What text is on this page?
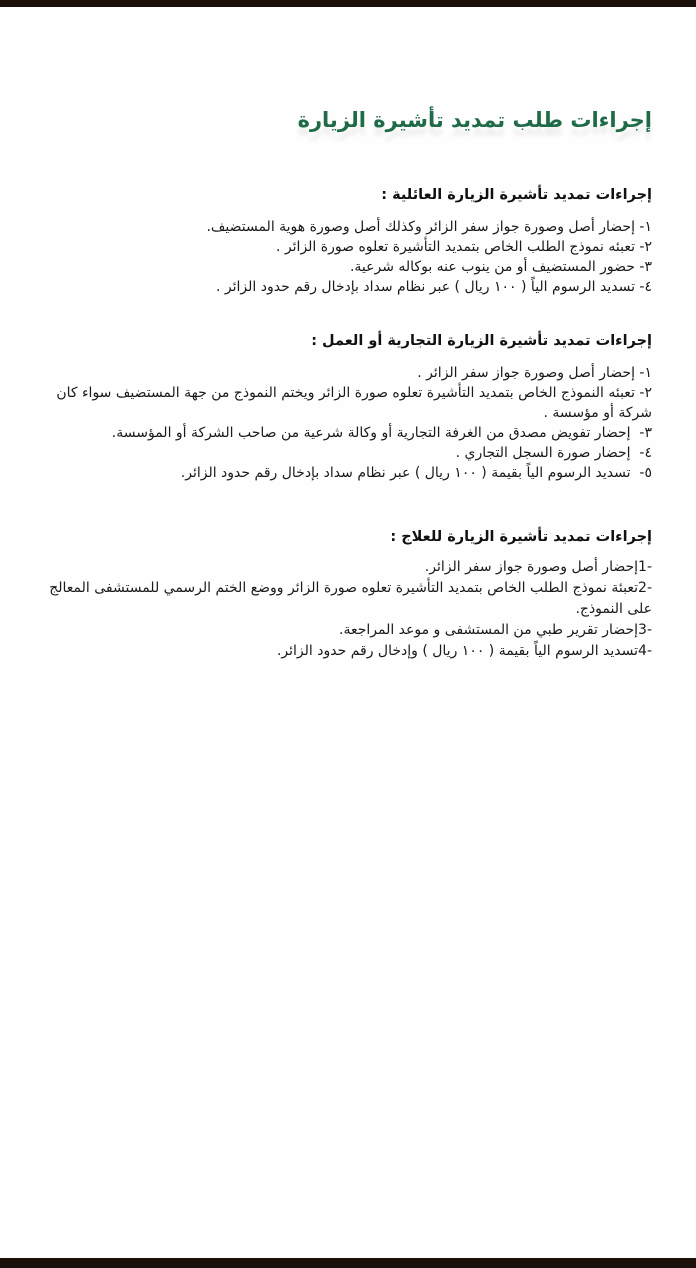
إجراءات طلب تمديد تأشيرة الزيارة
إجراءات تمديد تأشيرة الزيارة العائلية :

١- إحضار أصل وصورة جواز سفر الزائر وكذلك أصل وصورة هوية المستضيف.

٢- تعبئه نموذج الطلب الخاص بتمديد التأشيرة تعلوه صورة الزائر .

٣- حضور المستضيف أو من ينوب عنه بوكاله شرعية.

٤- تسديد الرسوم الياً ( ١٠٠ ريال ) عبر نظام سداد بإدخال رقم حدود الزائر .

إجراءات تمديد تأشيرة الزيارة التجارية أو العمل :

١- إحضار أصل وصورة جواز سفر الزائر .

٢- تعبئه النموذج الخاص بتمديد التأشيرة تعلوه صورة الزائر ويختم النموذج من جهة المستضيف سواء كان شركة أو مؤسسة .

٣-  إحضار تفويض مصدق من الغرفة التجارية أو وكالة شرعية من صاحب الشركة أو المؤسسة.

٤-  إحضار صورة السجل التجاري .

٥-  تسديد الرسوم الياً بقيمة ( ١٠٠ ريال ) عبر نظام سداد بإدخال رقم حدود الزائر.

إجراءات تمديد تأشيرة الزيارة للعلاج :

-1إحضار أصل وصورة جواز سفر الزائر.

-2تعبئة نموذج الطلب الخاص بتمديد التأشيرة تعلوه صورة الزائر ووضع الختم الرسمي للمستشفى المعالج على النموذج.

-3إحضار تقرير طبي من المستشفى و موعد المراجعة.

-4تسديد الرسوم الياً بقيمة ( ١٠٠ ريال ) وإدخال رقم حدود الزائر.
